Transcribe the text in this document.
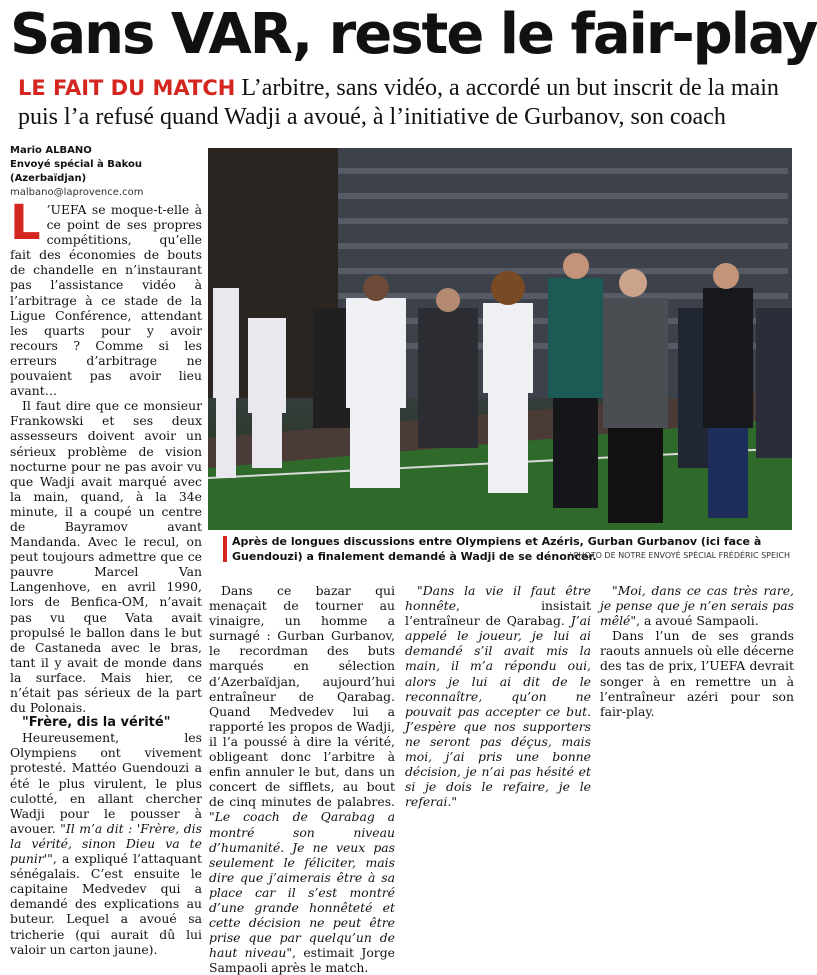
Sans VAR, reste le fair-play
LE FAIT DU MATCH L’arbitre, sans vidéo, a accordé un but inscrit de la main puis l’a refusé quand Wadji a avoué, à l’initiative de Gurbanov, son coach
Mario ALBANO
Envoyé spécial à Bakou (Azerbaïdjan)
malbano@laprovence.com
Après de longues discussions entre Olympiens et Azéris, Gurban Gurbanov (ici face à Guendouzi) a finalement demandé à Wadji de se dénoncer.
/ PHOTO DE NOTRE ENVOYÉ SPÉCIAL FRÉDÉRIC SPEICH

L ’UEFA se moque-t-elle à ce point de ses propres compétitions, qu’elle fait des économies de bouts de chandelle en n’instaurant pas l’assistance vidéo à l’arbitrage à ce stade de la Ligue Conférence, attendant les quarts pour y avoir recours ? Comme si les erreurs d’arbitrage ne pouvaient pas avoir lieu avant…

Il faut dire que ce monsieur Frankowski et ses deux assesseurs doivent avoir un sérieux problème de vision nocturne pour ne pas avoir vu que Wadji avait marqué avec la main, quand, à la 34e minute, il a coupé un centre de Bayramov avant Mandanda. Avec le recul, on peut toujours admettre que ce pauvre Marcel Van Langenhove, en avril 1990, lors de Benfica-OM, n’avait pas vu que Vata avait propulsé le ballon dans le but de Castaneda avec le bras, tant il y avait de monde dans la surface. Mais hier, ce n’était pas sérieux de la part du Polonais.

"Frère, dis la vérité"

Heureusement, les Olympiens ont vivement protesté. Mattéo Guendouzi a été le plus virulent, le plus culotté, en allant chercher Wadji pour le pousser à avouer. "Il m’a dit : 'Frère, dis la vérité, sinon Dieu va te punir'", a expliqué l’attaquant sénégalais. C’est ensuite le capitaine Medvedev qui a demandé des explications au buteur. Lequel a avoué sa tricherie (qui aurait dû lui valoir un carton jaune).

Dans ce bazar qui menaçait de tourner au vinaigre, un homme a surnagé : Gurban Gurbanov, le recordman des buts marqués en sélection d’Azerbaïdjan, aujourd’hui entraîneur de Qarabag. Quand Medvedev lui a rapporté les propos de Wadji, il l’a poussé à dire la vérité, obligeant donc l’arbitre à enfin annuler le but, dans un concert de sifflets, au bout de cinq minutes de palabres. "Le coach de Qarabag a montré son niveau d’humanité. Je ne veux pas seulement le féliciter, mais dire que j’aimerais être à sa place car il s’est montré d’une grande honnêteté et cette décision ne peut être prise que par quelqu’un de haut niveau", estimait Jorge Sampaoli après le match.

"Dans la vie il faut être honnête, insistait l’entraîneur de Qarabag. J’ai appelé le joueur, je lui ai demandé s’il avait mis la main, il m’a répondu oui, alors je lui ai dit de le reconnaître, qu’on ne pouvait pas accepter ce but. J’espère que nos supporters ne seront pas déçus, mais moi, j’ai pris une bonne décision, je n’ai pas hésité et si je dois le refaire, je le referai."

"Moi, dans ce cas très rare, je pense que je n’en serais pas mêlé", a avoué Sampaoli.

Dans l’un de ses grands raouts annuels où elle décerne des tas de prix, l’UEFA devrait songer à en remettre un à l’entraîneur azéri pour son fair-play.
